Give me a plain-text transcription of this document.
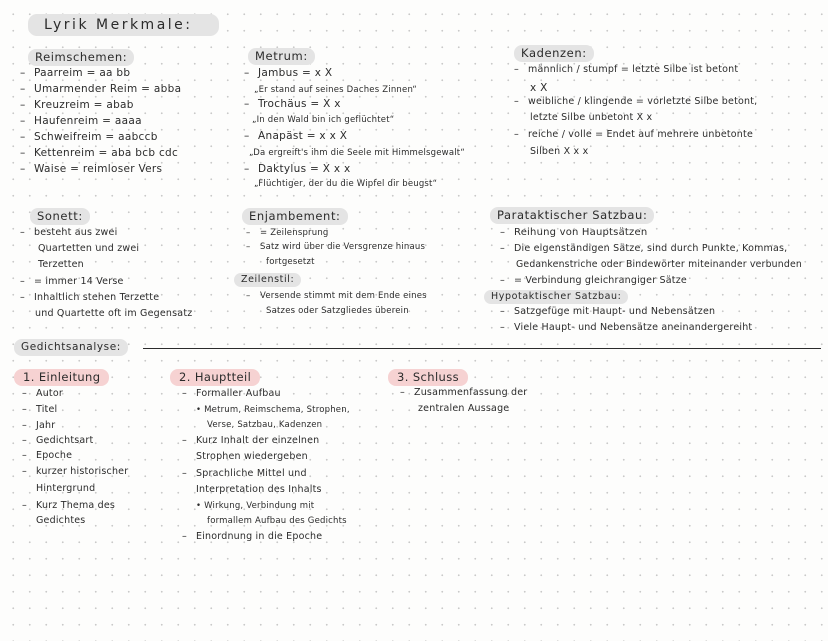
Lyrik Merkmale:
Reimschemen:
– Paarreim = aa bb
– Umarmender Reim = abba
– Kreuzreim = abab
– Haufenreim = aaaa
– Schweifreim = aabccb
– Kettenreim = aba bcb cdc
– Waise = reimloser Vers
Metrum:
– Jambus = x X
„Er stand auf seines Daches Zinnen“
– Trochäus = X x
„In den Wald bin ich geflüchtet“
– Anapäst = x x X
„Da ergreift's ihm die Seele mit Himmelsgewalt“
– Daktylus = X x x
„Flüchtiger, der du die Wipfel dir beugst“
Kadenzen:
– männlich / stumpf = letzte Silbe ist betont
x X
– weibliche / klingende = vorletzte Silbe betont,
letzte Silbe unbetont X x
– reiche / volle = Endet auf mehrere unbetonte
Silben X x x
Sonett:
– besteht aus zwei
Quartetten und zwei
Terzetten
– = immer 14 Verse
– Inhaltlich stehen Terzette
und Quartette oft im Gegensatz
Enjambement:
– = Zeilensprung
– Satz wird über die Versgrenze hinaus
fortgesetzt
Zeilenstil:
– Versende stimmt mit dem Ende eines
Satzes oder Satzgliedes überein
Parataktischer Satzbau:
– Reihung von Hauptsätzen
– Die eigenständigen Sätze, sind durch Punkte, Kommas,
Gedankenstriche oder Bindewörter miteinander verbunden
– = Verbindung gleichrangiger Sätze
Hypotaktischer Satzbau:
– Satzgefüge mit Haupt- und Nebensätzen
– Viele Haupt- und Nebensätze aneinandergereiht
Gedichtsanalyse:
1. Einleitung
– Autor
– Titel
– Jahr
– Gedichtsart
– Epoche
– kurzer historischer
Hintergrund
– Kurz Thema des
Gedichtes
2. Hauptteil
– Formaller Aufbau
• Metrum, Reimschema, Strophen,
Verse, Satzbau, Kadenzen
– Kurz Inhalt der einzelnen
Strophen wiedergeben
– Sprachliche Mittel und
Interpretation des Inhalts
• Wirkung, Verbindung mit
formallem Aufbau des Gedichts
– Einordnung in die Epoche
3. Schluss
– Zusammenfassung der
zentralen Aussage
